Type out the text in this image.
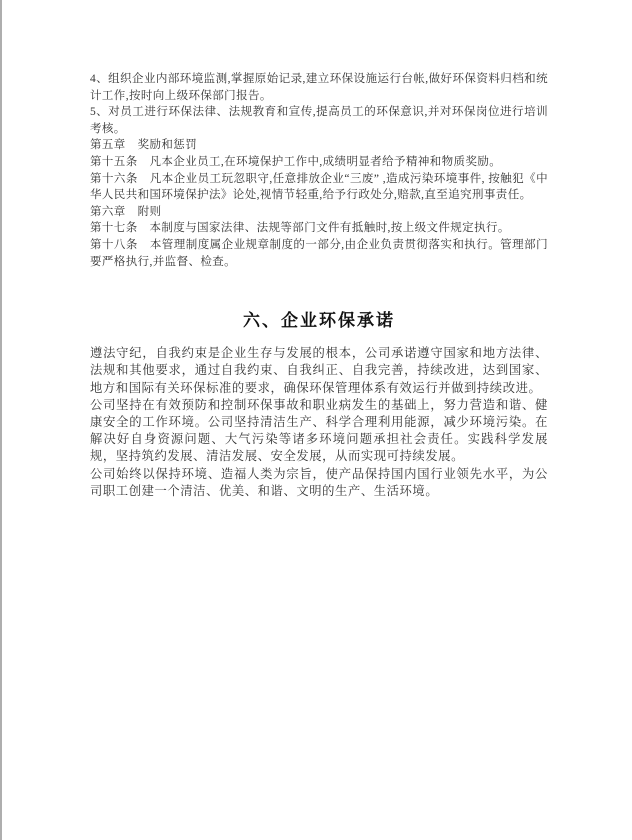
4、组织企业内部环境监测,掌握原始记录,建立环保设施运行台帐,做好环保资料归档和统计工作,按时向上级环保部门报告。

5、对员工进行环保法律、法规教育和宣传,提高员工的环保意识,并对环保岗位进行培训考核。

第五章　奖励和惩罚

第十五条　凡本企业员工,在环境保护工作中,成绩明显者给予精神和物质奖励。

第十六条　凡本企业员工玩忽职守,任意排放企业“三废” ,造成污染环境事件, 按触犯《中华人民共和国环境保护法》论处,视情节轻重,给予行政处分,赔款,直至追究刑事责任。

第六章　附则

第十七条　本制度与国家法律、法规等部门文件有抵触时,按上级文件规定执行。

第十八条　本管理制度属企业规章制度的一部分,由企业负责贯彻落实和执行。管理部门要严格执行,并监督、检查。

六、企业环保承诺

遵法守纪，自我约束是企业生存与发展的根本，公司承诺遵守国家和地方法律、法规和其他要求，通过自我约束、自我纠正、自我完善，持续改进，达到国家、地方和国际有关环保标准的要求，确保环保管理体系有效运行并做到持续改进。

公司坚持在有效预防和控制环保事故和职业病发生的基础上，努力营造和谐、健康安全的工作环境。公司坚持清洁生产、科学合理利用能源，减少环境污染。在解决好自身资源问题、大气污染等诸多环境问题承担社会责任。实践科学发展规，坚持筑约发展、清洁发展、安全发展，从而实现可持续发展。

公司始终以保持环境、造福人类为宗旨，使产品保持国内国行业领先水平，为公司职工创建一个清洁、优美、和谐、文明的生产、生活环境。
